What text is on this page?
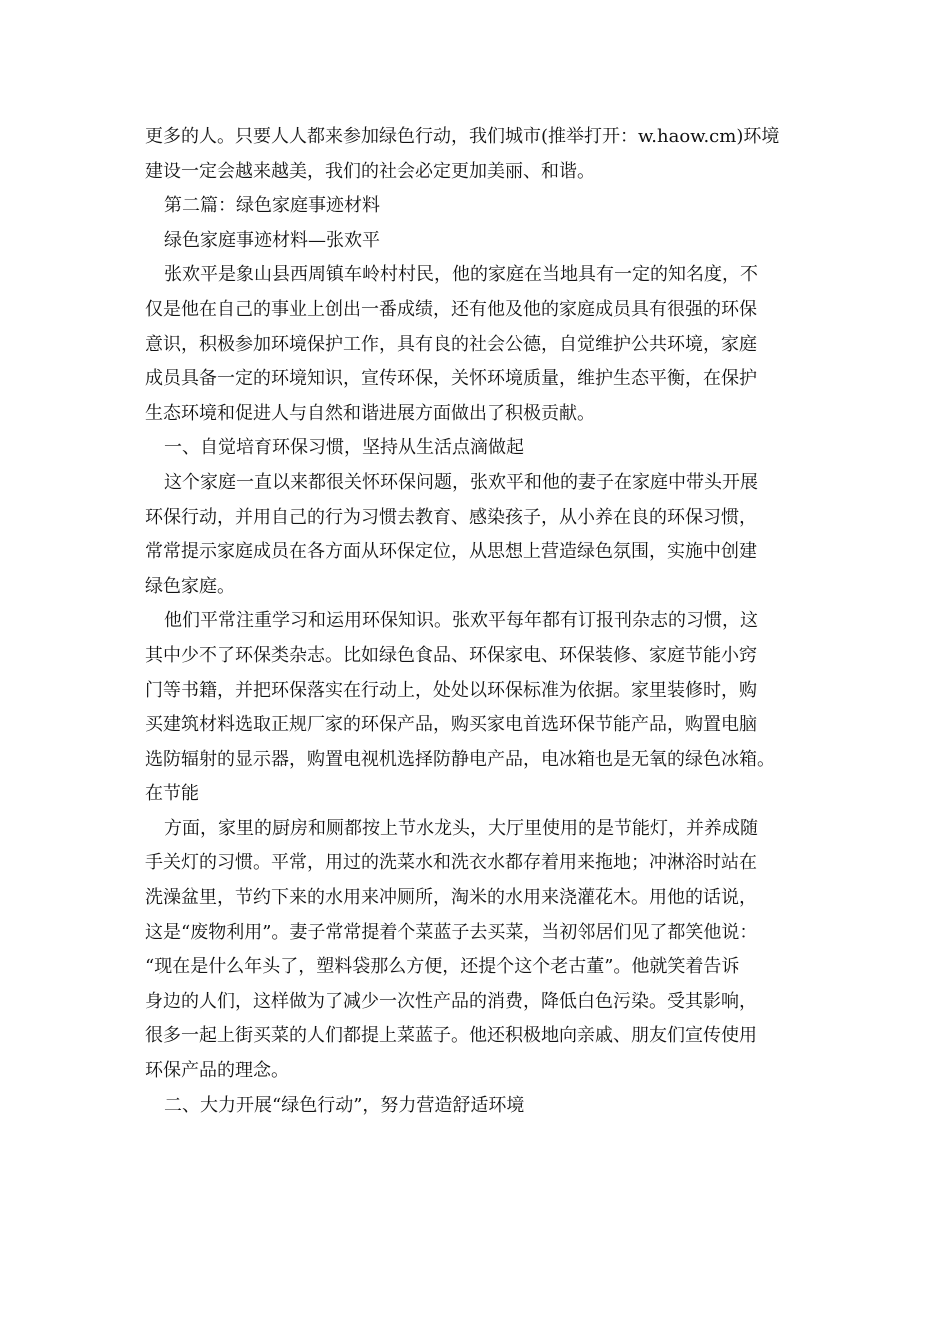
更多的人。只要人人都来参加绿色行动，我们城市(推举打开：w.haow.cm)环境
建设一定会越来越美，我们的社会必定更加美丽、和谐。
第二篇：绿色家庭事迹材料
绿色家庭事迹材料—张欢平
张欢平是象山县西周镇车岭村村民，他的家庭在当地具有一定的知名度，不
仅是他在自己的事业上创出一番成绩，还有他及他的家庭成员具有很强的环保
意识，积极参加环境保护工作，具有良的社会公德，自觉维护公共环境，家庭
成员具备一定的环境知识，宣传环保，关怀环境质量，维护生态平衡，在保护
生态环境和促进人与自然和谐进展方面做出了积极贡献。
一、自觉培育环保习惯，坚持从生活点滴做起
这个家庭一直以来都很关怀环保问题，张欢平和他的妻子在家庭中带头开展
环保行动，并用自己的行为习惯去教育、感染孩子，从小养在良的环保习惯，
常常提示家庭成员在各方面从环保定位，从思想上营造绿色氛围，实施中创建
绿色家庭。
他们平常注重学习和运用环保知识。张欢平每年都有订报刊杂志的习惯，这
其中少不了环保类杂志。比如绿色食品、环保家电、环保装修、家庭节能小窍
门等书籍，并把环保落实在行动上，处处以环保标准为依据。家里装修时，购
买建筑材料选取正规厂家的环保产品，购买家电首选环保节能产品，购置电脑
选防辐射的显示器，购置电视机选择防静电产品，电冰箱也是无氧的绿色冰箱。
在节能
方面，家里的厨房和厕都按上节水龙头，大厅里使用的是节能灯，并养成随
手关灯的习惯。平常，用过的洗菜水和洗衣水都存着用来拖地；冲淋浴时站在
洗澡盆里，节约下来的水用来冲厕所，淘米的水用来浇灌花木。用他的话说，
这是“废物利用”。妻子常常提着个菜蓝子去买菜，当初邻居们见了都笑他说：
“现在是什么年头了，塑料袋那么方便，还提个这个老古董”。他就笑着告诉
身边的人们，这样做为了减少一次性产品的消费，降低白色污染。受其影响，
很多一起上街买菜的人们都提上菜蓝子。他还积极地向亲戚、朋友们宣传使用
环保产品的理念。
二、大力开展“绿色行动”，努力营造舒适环境
